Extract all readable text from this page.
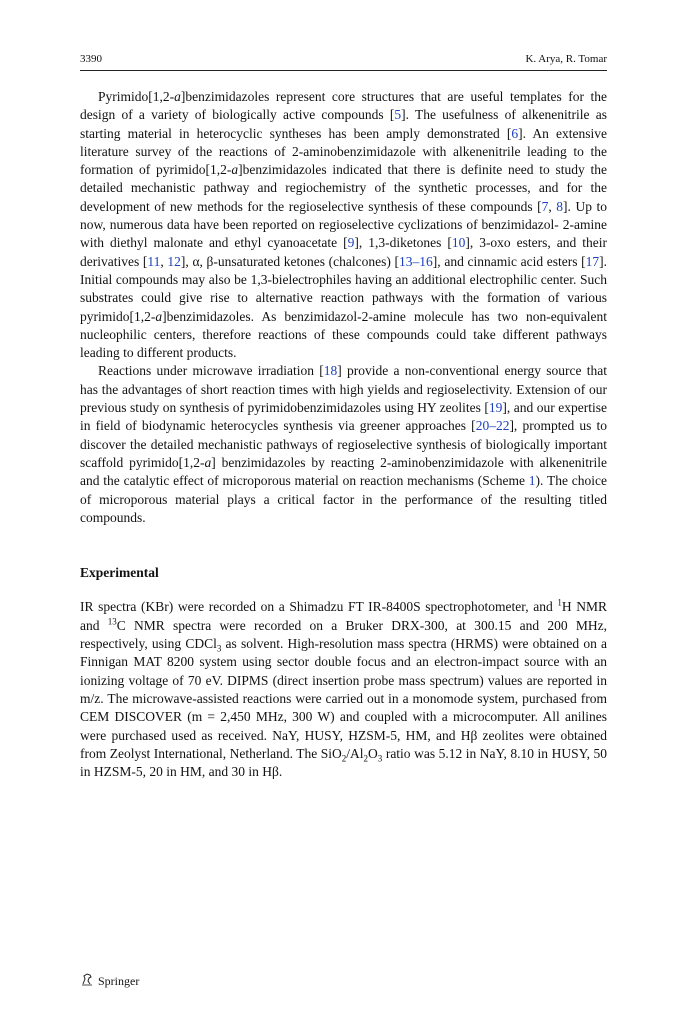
3390	K. Arya, R. Tomar

Pyrimido[1,2-a]benzimidazoles represent core structures that are useful templates for the design of a variety of biologically active compounds [5]. The usefulness of alkenenitrile as starting material in heterocyclic syntheses has been amply demonstrated [6]. An extensive literature survey of the reactions of 2-aminobenzimidazole with alkenenitrile leading to the formation of pyrimido[1,2-a]benzimidazoles indicated that there is definite need to study the detailed mechanistic pathway and regiochemistry of the synthetic processes, and for the development of new methods for the regioselective synthesis of these compounds [7, 8]. Up to now, numerous data have been reported on regioselective cyclizations of benzimidazol- 2-amine with diethyl malonate and ethyl cyanoacetate [9], 1,3-diketones [10], 3-oxo esters, and their derivatives [11, 12], α, β-unsaturated ketones (chalcones) [13–16], and cinnamic acid esters [17]. Initial compounds may also be 1,3-bielectrophiles having an additional electrophilic center. Such substrates could give rise to alternative reaction pathways with the formation of various pyrimido[1,2-a]benzimidazoles. As benzimidazol-2-amine molecule has two non-equivalent nucleophilic centers, therefore reactions of these compounds could take different pathways leading to different products.

Reactions under microwave irradiation [18] provide a non-conventional energy source that has the advantages of short reaction times with high yields and regioselectivity. Extension of our previous study on synthesis of pyrimidobenzimidazoles using HY zeolites [19], and our expertise in field of biodynamic heterocycles synthesis via greener approaches [20–22], prompted us to discover the detailed mechanistic pathways of regioselective synthesis of biologically important scaffold pyrimido[1,2-a] benzimidazoles by reacting 2-aminobenzimidazole with alkenenitrile and the catalytic effect of microporous material on reaction mechanisms (Scheme 1). The choice of microporous material plays a critical factor in the performance of the resulting titled compounds.

Experimental

IR spectra (KBr) were recorded on a Shimadzu FT IR-8400S spectrophotometer, and $^1$H NMR and $^{13}$C NMR spectra were recorded on a Bruker DRX-300, at 300.15 and 200 MHz, respectively, using CDCl$_3$ as solvent. High-resolution mass spectra (HRMS) were obtained on a Finnigan MAT 8200 system using sector double focus and an electron-impact source with an ionizing voltage of 70 eV. DIPMS (direct insertion probe mass spectrum) values are reported in m/z. The microwave-assisted reactions were carried out in a monomode system, purchased from CEM DISCOVER (m = 2,450 MHz, 300 W) and coupled with a microcomputer. All anilines were purchased used as received. NaY, HUSY, HZSM-5, HM, and Hβ zeolites were obtained from Zeolyst International, Netherland. The $SiO_2/Al_2O_3$ ratio was 5.12 in NaY, 8.10 in HUSY, 50 in HZSM-5, 20 in HM, and 30 in Hβ.

Springer
